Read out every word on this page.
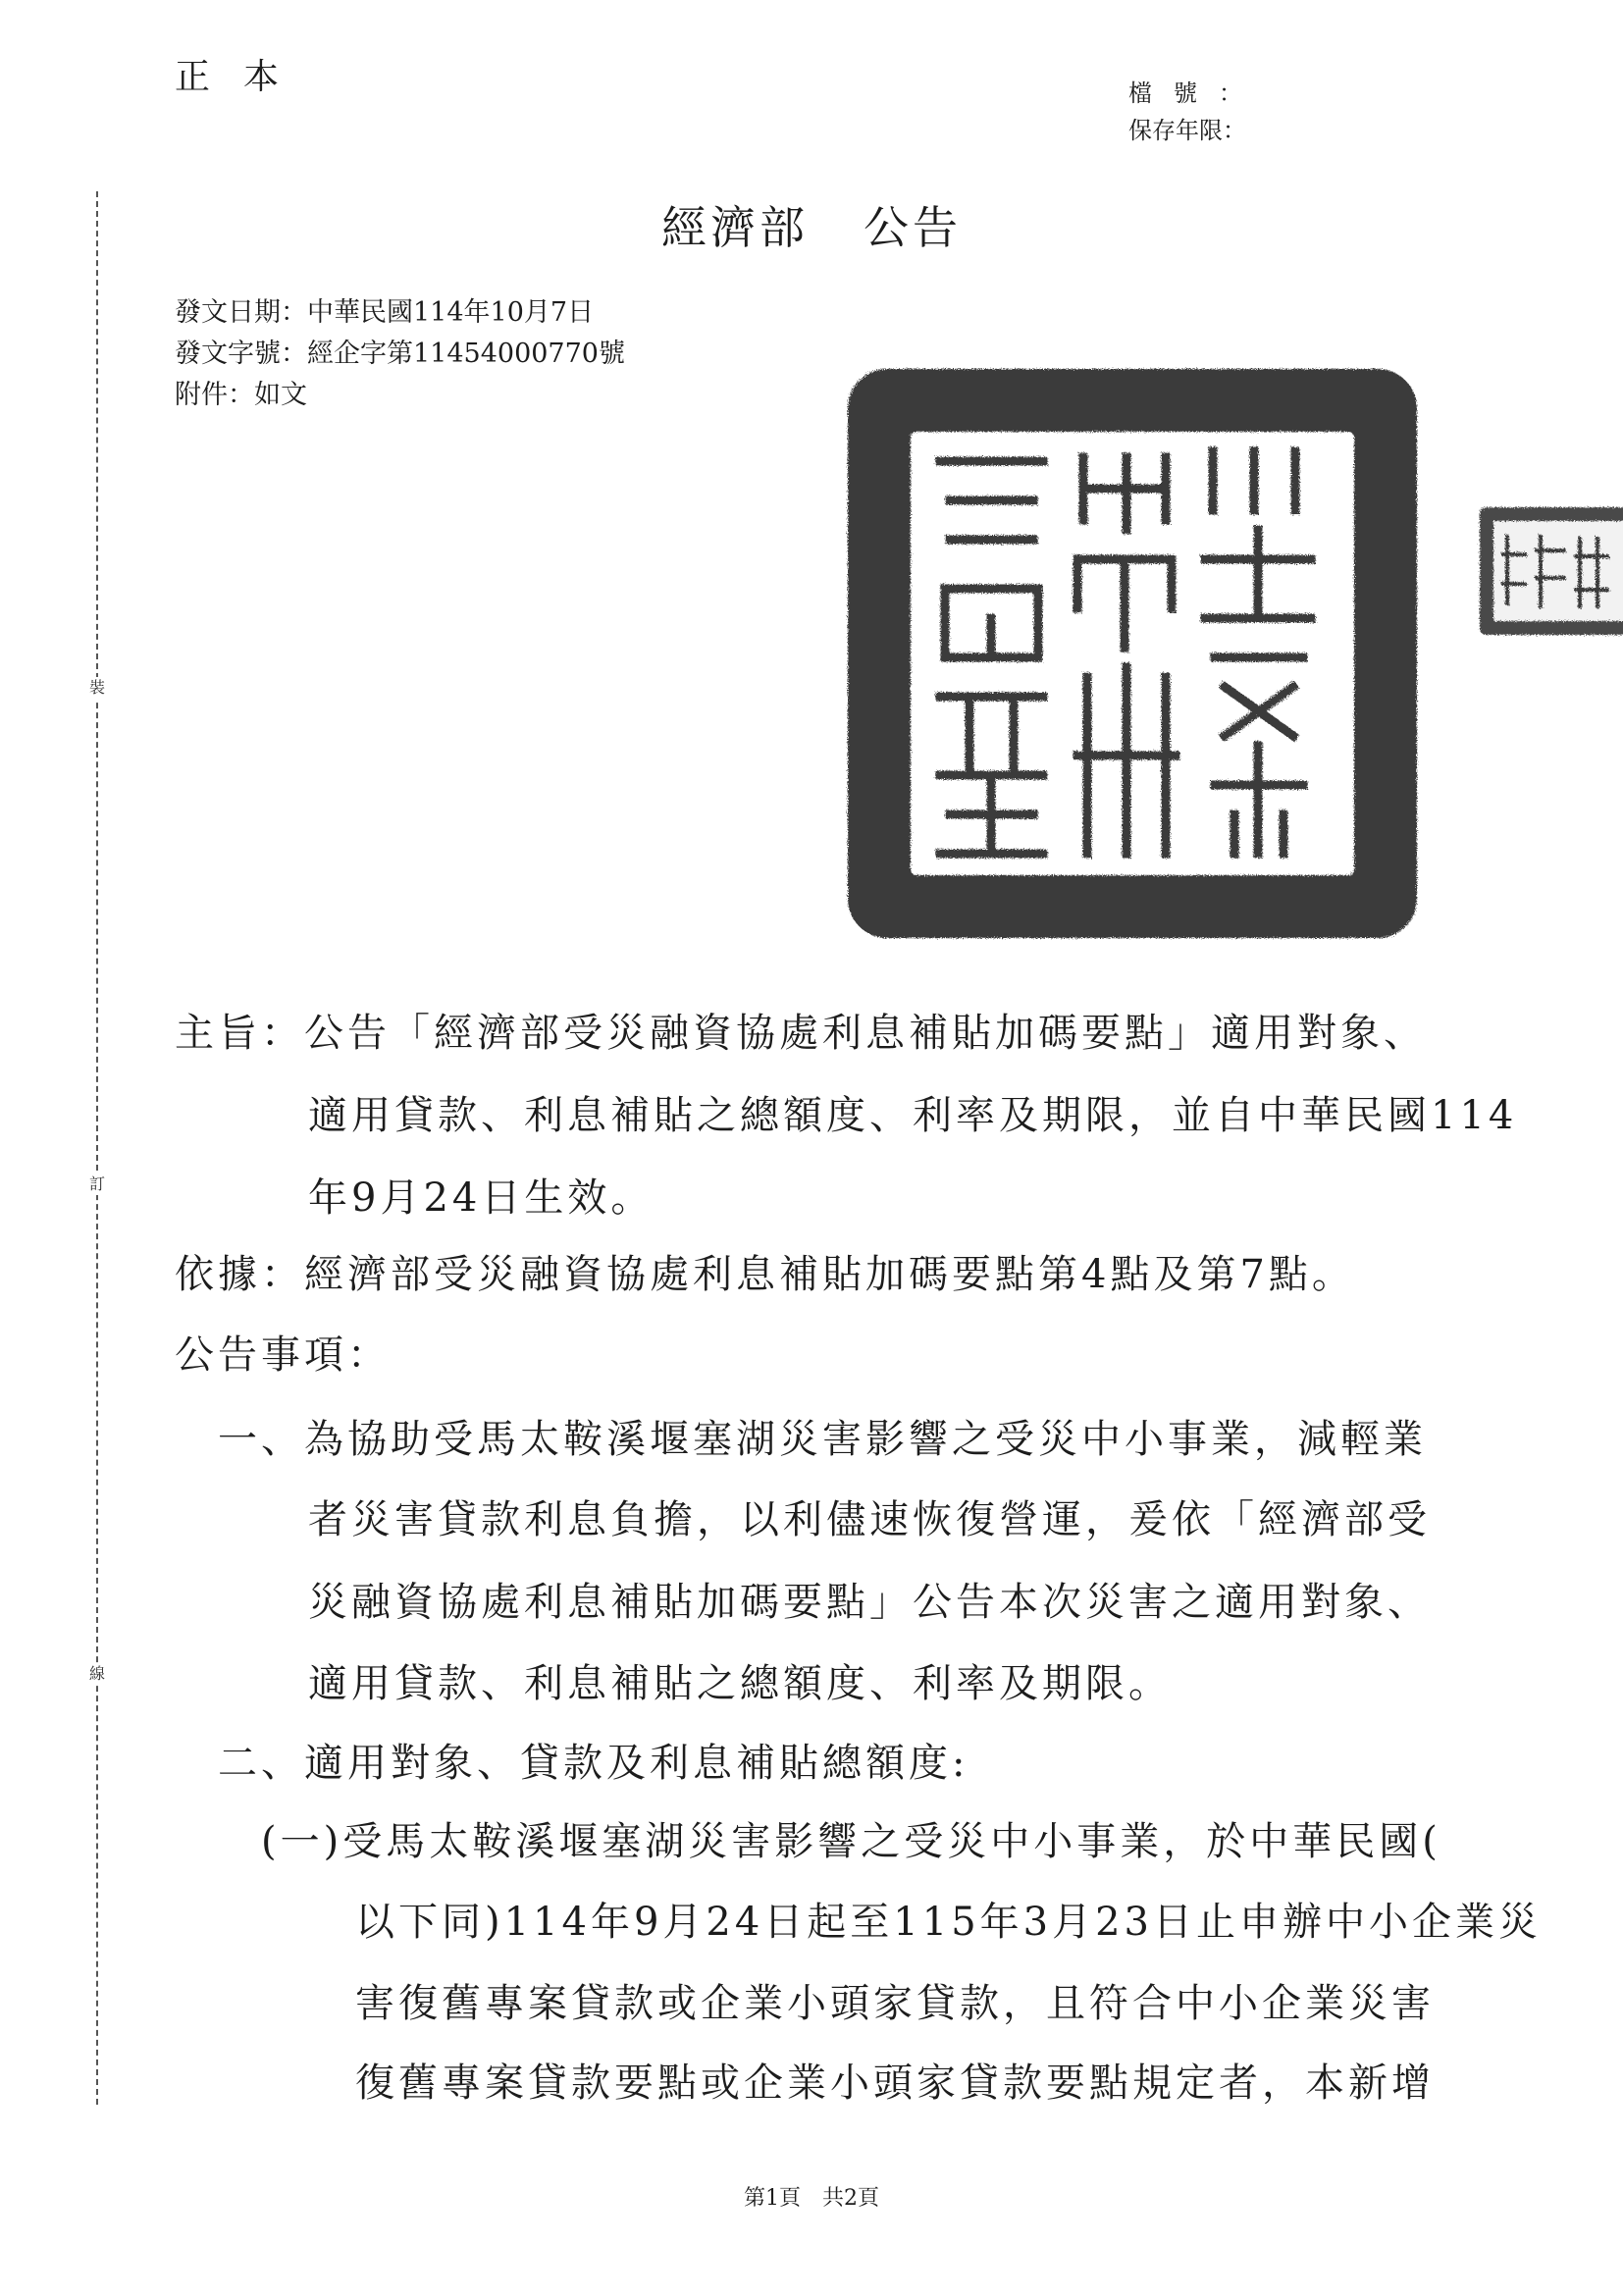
正本	檔號：
保存年限：
經濟部 公告
發文日期：中華民國114年10月7日
發文字號：經企字第11454000770號
附件：如文
裝
訂
線
主旨：公告「經濟部受災融資協處利息補貼加碼要點」適用對象、
適用貸款、利息補貼之總額度、利率及期限，並自中華民國114
年9月24日生效。
依據：經濟部受災融資協處利息補貼加碼要點第4點及第7點。
公告事項：
一、為協助受馬太鞍溪堰塞湖災害影響之受災中小事業，減輕業
者災害貸款利息負擔，以利儘速恢復營運，爰依「經濟部受
災融資協處利息補貼加碼要點」公告本次災害之適用對象、
適用貸款、利息補貼之總額度、利率及期限。
二、適用對象、貸款及利息補貼總額度:
(一)受馬太鞍溪堰塞湖災害影響之受災中小事業，於中華民國(
以下同)114年9月24日起至115年3月23日止申辦中小企業災
害復舊專案貸款或企業小頭家貸款，且符合中小企業災害
復舊專案貸款要點或企業小頭家貸款要點規定者，本新增
第1頁　共2頁
